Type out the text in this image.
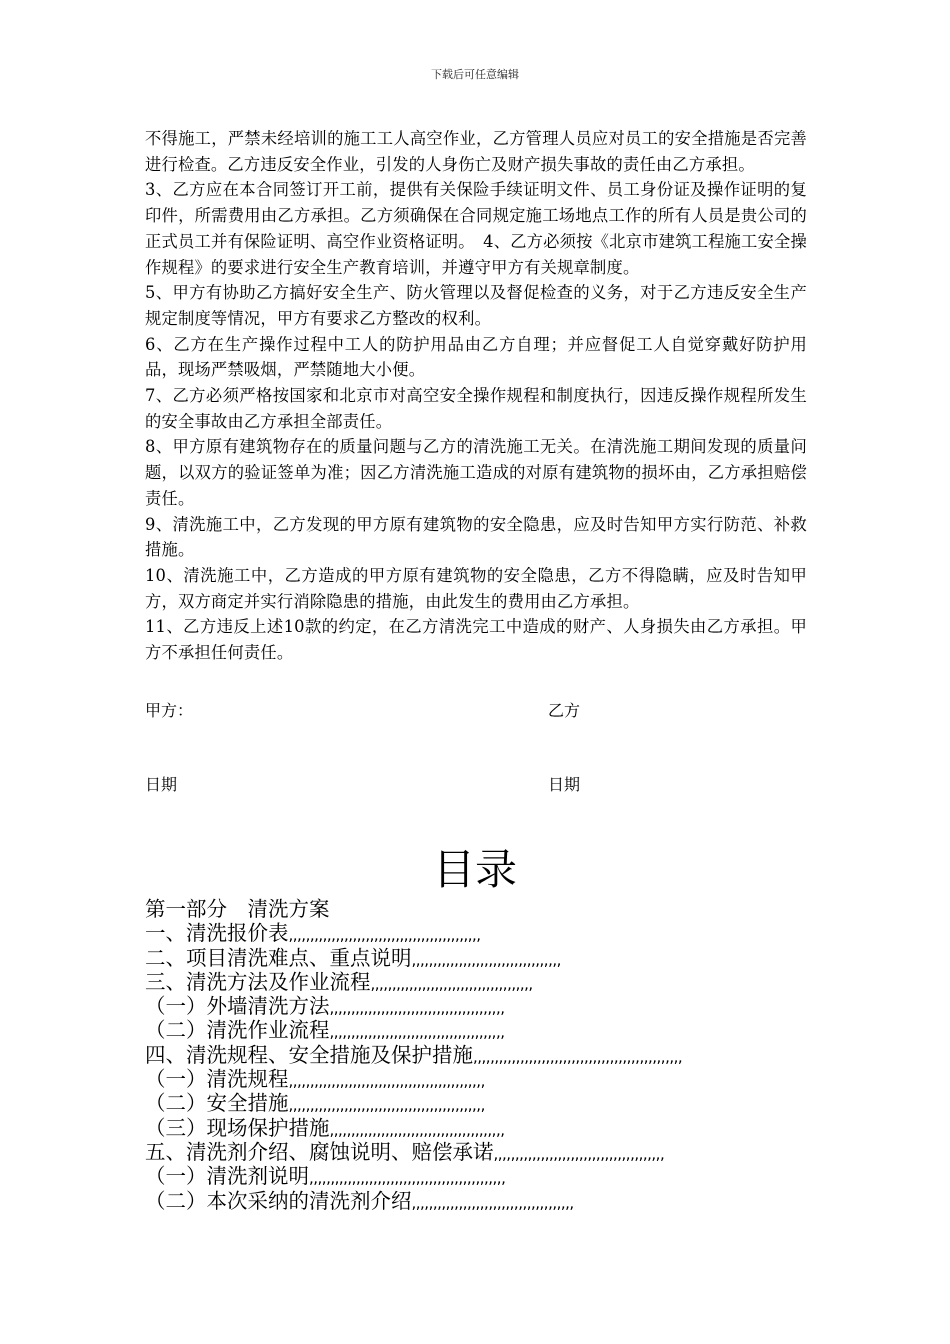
下载后可任意编辑

不得施工，严禁未经培训的施工工人高空作业，乙方管理人员应对员工的安全措施是否完善进行检查。乙方违反安全作业，引发的人身伤亡及财产损失事故的责任由乙方承担。

3、乙方应在本合同签订开工前，提供有关保险手续证明文件、员工身份证及操作证明的复印件，所需费用由乙方承担。乙方须确保在合同规定施工场地点工作的所有人员是贵公司的正式员工并有保险证明、高空作业资格证明。　4、乙方必须按《北京市建筑工程施工安全操作规程》的要求进行安全生产教育培训，并遵守甲方有关规章制度。

5、甲方有协助乙方搞好安全生产、防火管理以及督促检查的义务，对于乙方违反安全生产规定制度等情况，甲方有要求乙方整改的权利。

6、乙方在生产操作过程中工人的防护用品由乙方自理；并应督促工人自觉穿戴好防护用品，现场严禁吸烟，严禁随地大小便。

7、乙方必须严格按国家和北京市对高空安全操作规程和制度执行，因违反操作规程所发生的安全事故由乙方承担全部责任。

8、甲方原有建筑物存在的质量问题与乙方的清洗施工无关。在清洗施工期间发现的质量问题，以双方的验证签单为准；因乙方清洗施工造成的对原有建筑物的损坏由，乙方承担赔偿责任。

9、清洗施工中，乙方发现的甲方原有建筑物的安全隐患，应及时告知甲方实行防范、补救措施。

10、清洗施工中，乙方造成的甲方原有建筑物的安全隐患，乙方不得隐瞒，应及时告知甲方，双方商定并实行消除隐患的措施，由此发生的费用由乙方承担。

11、乙方违反上述10款的约定，在乙方清洗完工中造成的财产、人身损失由乙方承担。甲方不承担任何责任。

甲方：	乙方
日期	日期
目录
第一部分　清洗方案
一、清洗报价表,,,,,,,,,,,,,,,,,,,,,,,,,,,,,,,,,,,,,,,,,,,,,
二、项目清洗难点、重点说明,,,,,,,,,,,,,,,,,,,,,,,,,,,,,,,,,,,
三、清洗方法及作业流程,,,,,,,,,,,,,,,,,,,,,,,,,,,,,,,,,,,,,,
（一）外墙清洗方法,,,,,,,,,,,,,,,,,,,,,,,,,,,,,,,,,,,,,,,,,
（二）清洗作业流程,,,,,,,,,,,,,,,,,,,,,,,,,,,,,,,,,,,,,,,,,
四、清洗规程、安全措施及保护措施,,,,,,,,,,,,,,,,,,,,,,,,,,,,,,,,,,,,,,,,,,,,,,,,,
（一）清洗规程,,,,,,,,,,,,,,,,,,,,,,,,,,,,,,,,,,,,,,,,,,,,,,
（二）安全措施,,,,,,,,,,,,,,,,,,,,,,,,,,,,,,,,,,,,,,,,,,,,,,
（三）现场保护措施,,,,,,,,,,,,,,,,,,,,,,,,,,,,,,,,,,,,,,,,,
五、清洗剂介绍、腐蚀说明、赔偿承诺,,,,,,,,,,,,,,,,,,,,,,,,,,,,,,,,,,,,,,,,
（一）清洗剂说明,,,,,,,,,,,,,,,,,,,,,,,,,,,,,,,,,,,,,,,,,,,,,,
（二）本次采纳的清洗剂介绍,,,,,,,,,,,,,,,,,,,,,,,,,,,,,,,,,,,,,,
